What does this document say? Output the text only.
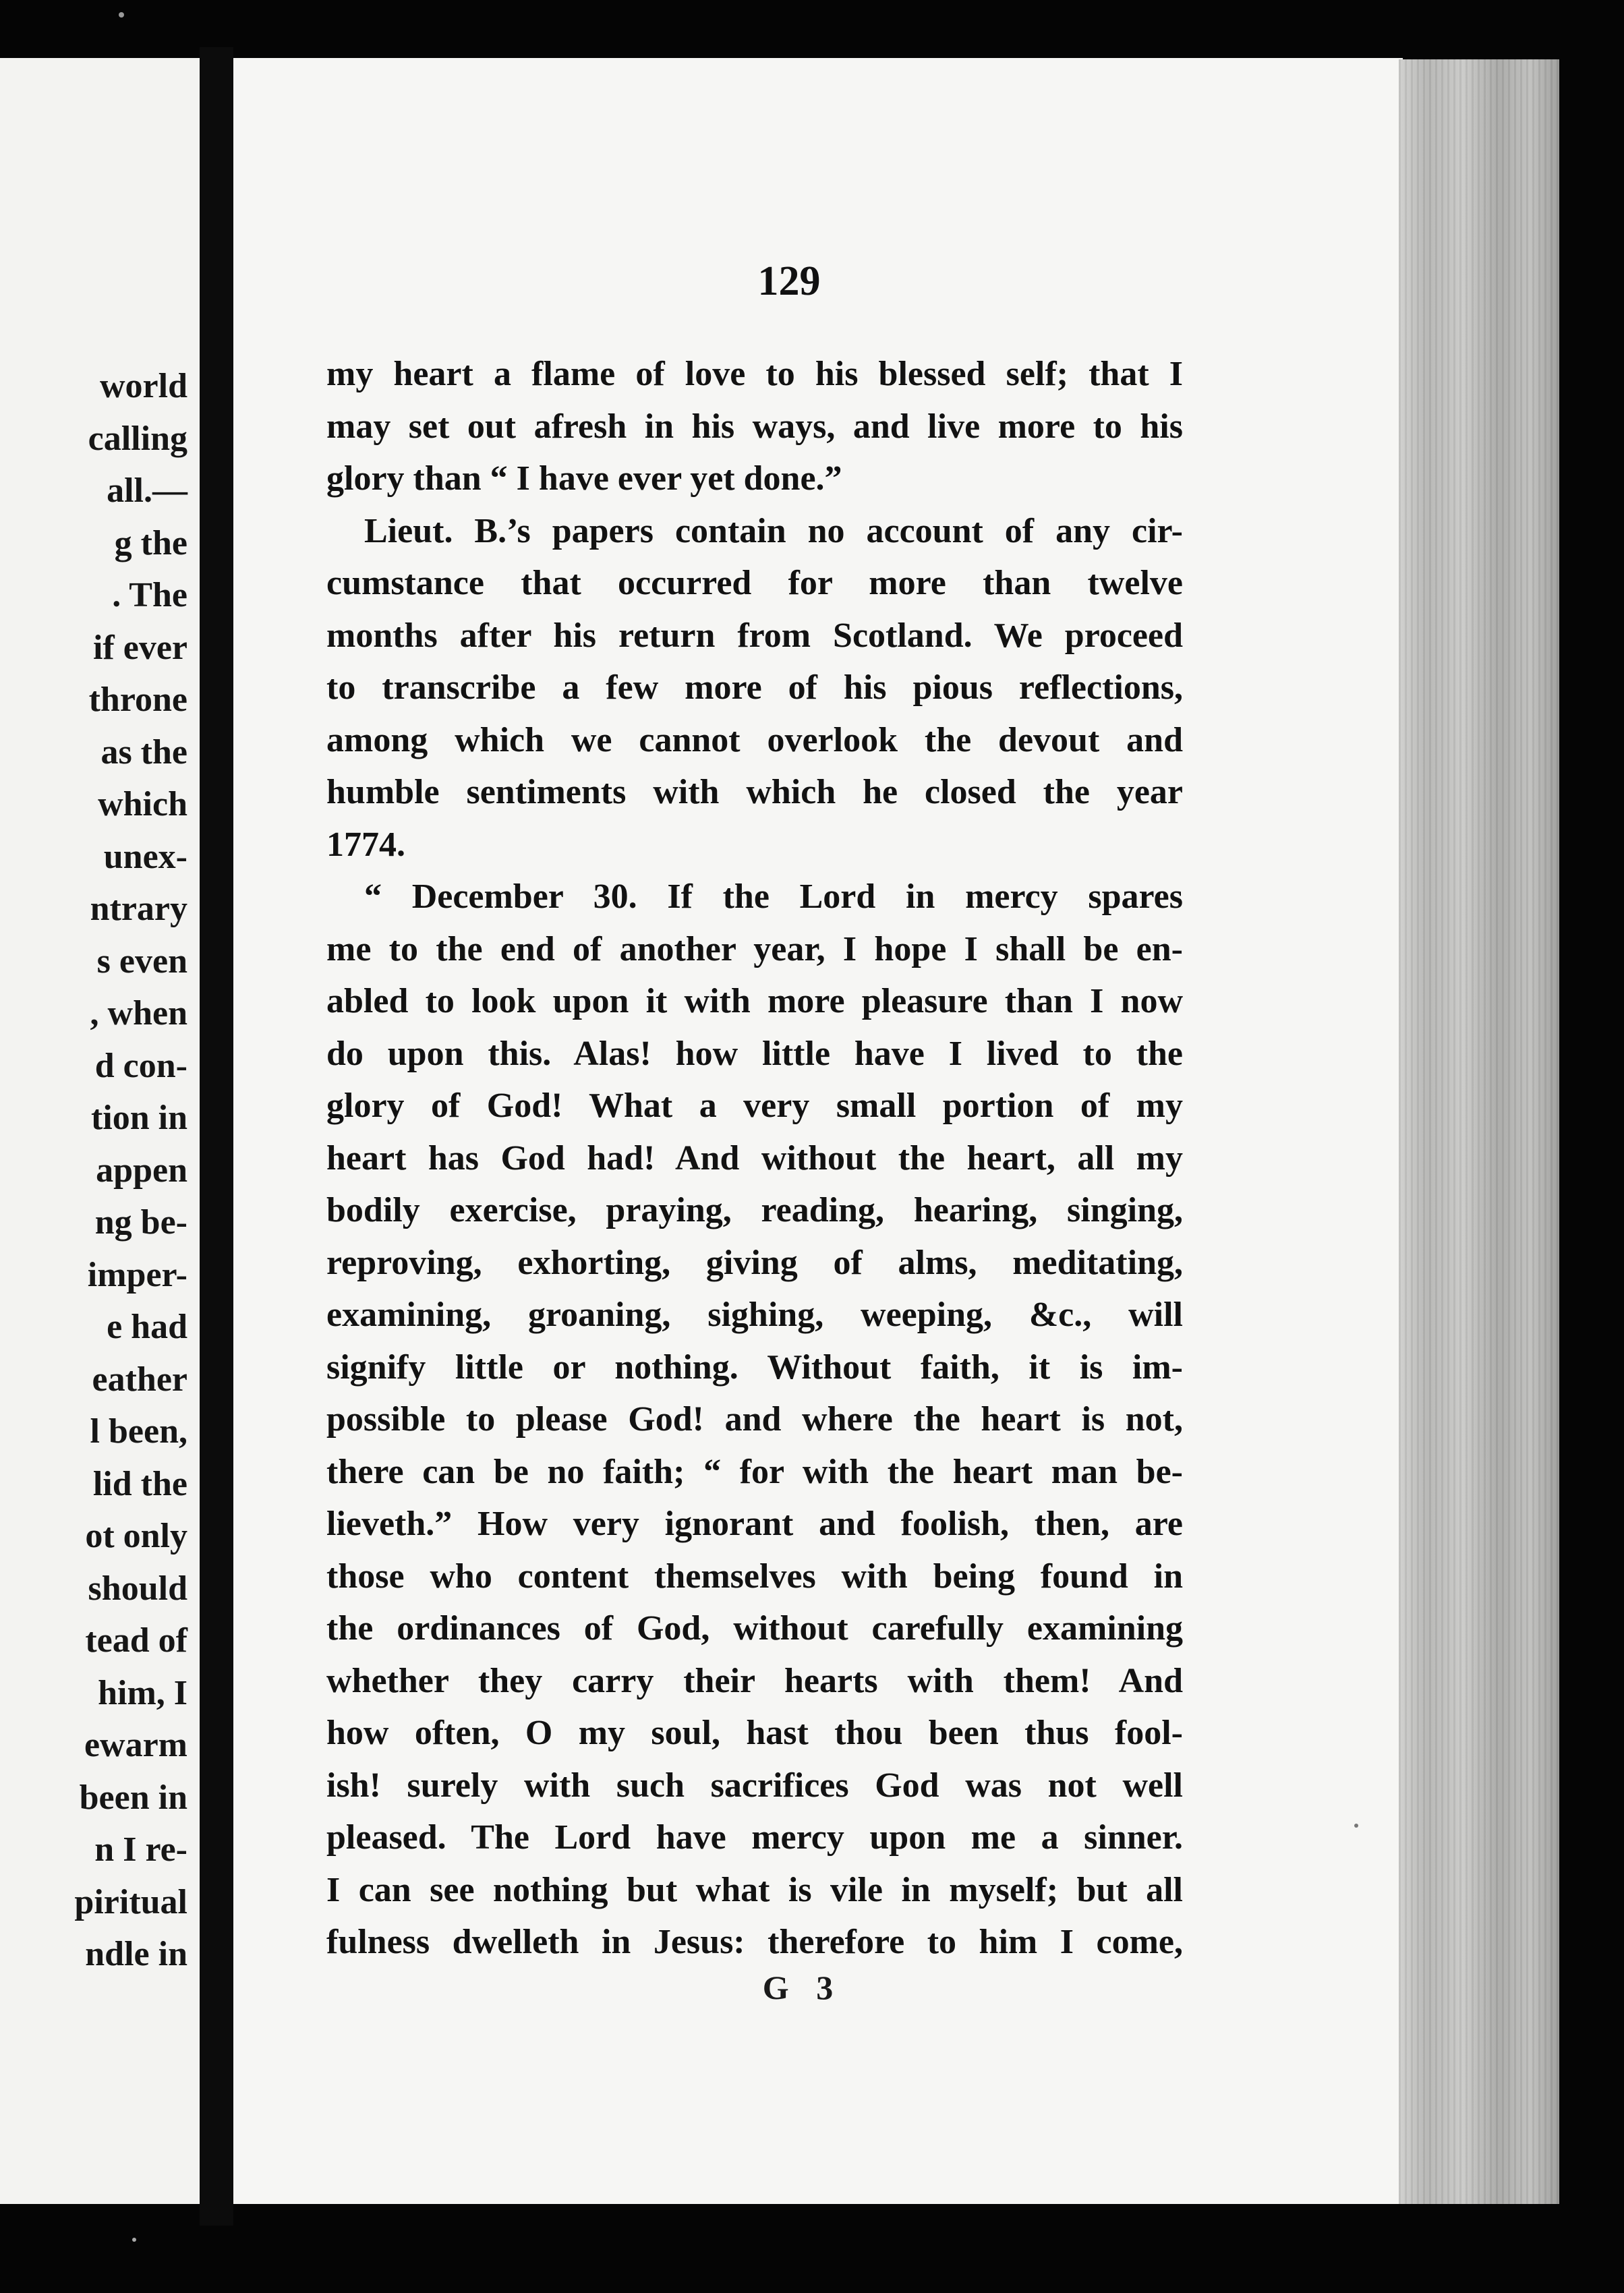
world
calling
all.—
g the
. The
if ever
throne
as the
which
unex-
ntrary
s even
, when
d con-
tion in
appen
ng be-
imper-
e had
eather
l been,
lid the
ot only
should
tead of
him, I
ewarm
been in
n I re-
piritual
ndle in
129
my heart a flame of love to his blessed self; that I
may set out afresh in his ways, and live more to his
glory than “ I have ever yet done.”
Lieut. B.’s papers contain no account of any cir-
cumstance that occurred for more than twelve
months after his return from Scotland. We proceed
to transcribe a few more of his pious reflections,
among which we cannot overlook the devout and
humble sentiments with which he closed the year
1774.
“ December 30. If the Lord in mercy spares
me to the end of another year, I hope I shall be en-
abled to look upon it with more pleasure than I now
do upon this. Alas! how little have I lived to the
glory of God! What a very small portion of my
heart has God had! And without the heart, all my
bodily exercise, praying, reading, hearing, singing,
reproving, exhorting, giving of alms, meditating,
examining, groaning, sighing, weeping, &c., will
signify little or nothing. Without faith, it is im-
possible to please God! and where the heart is not,
there can be no faith; “ for with the heart man be-
lieveth.” How very ignorant and foolish, then, are
those who content themselves with being found in
the ordinances of God, without carefully examining
whether they carry their hearts with them! And
how often, O my soul, hast thou been thus fool-
ish! surely with such sacrifices God was not well
pleased. The Lord have mercy upon me a sinner.
I can see nothing but what is vile in myself; but all
fulness dwelleth in Jesus: therefore to him I come,
G 3
